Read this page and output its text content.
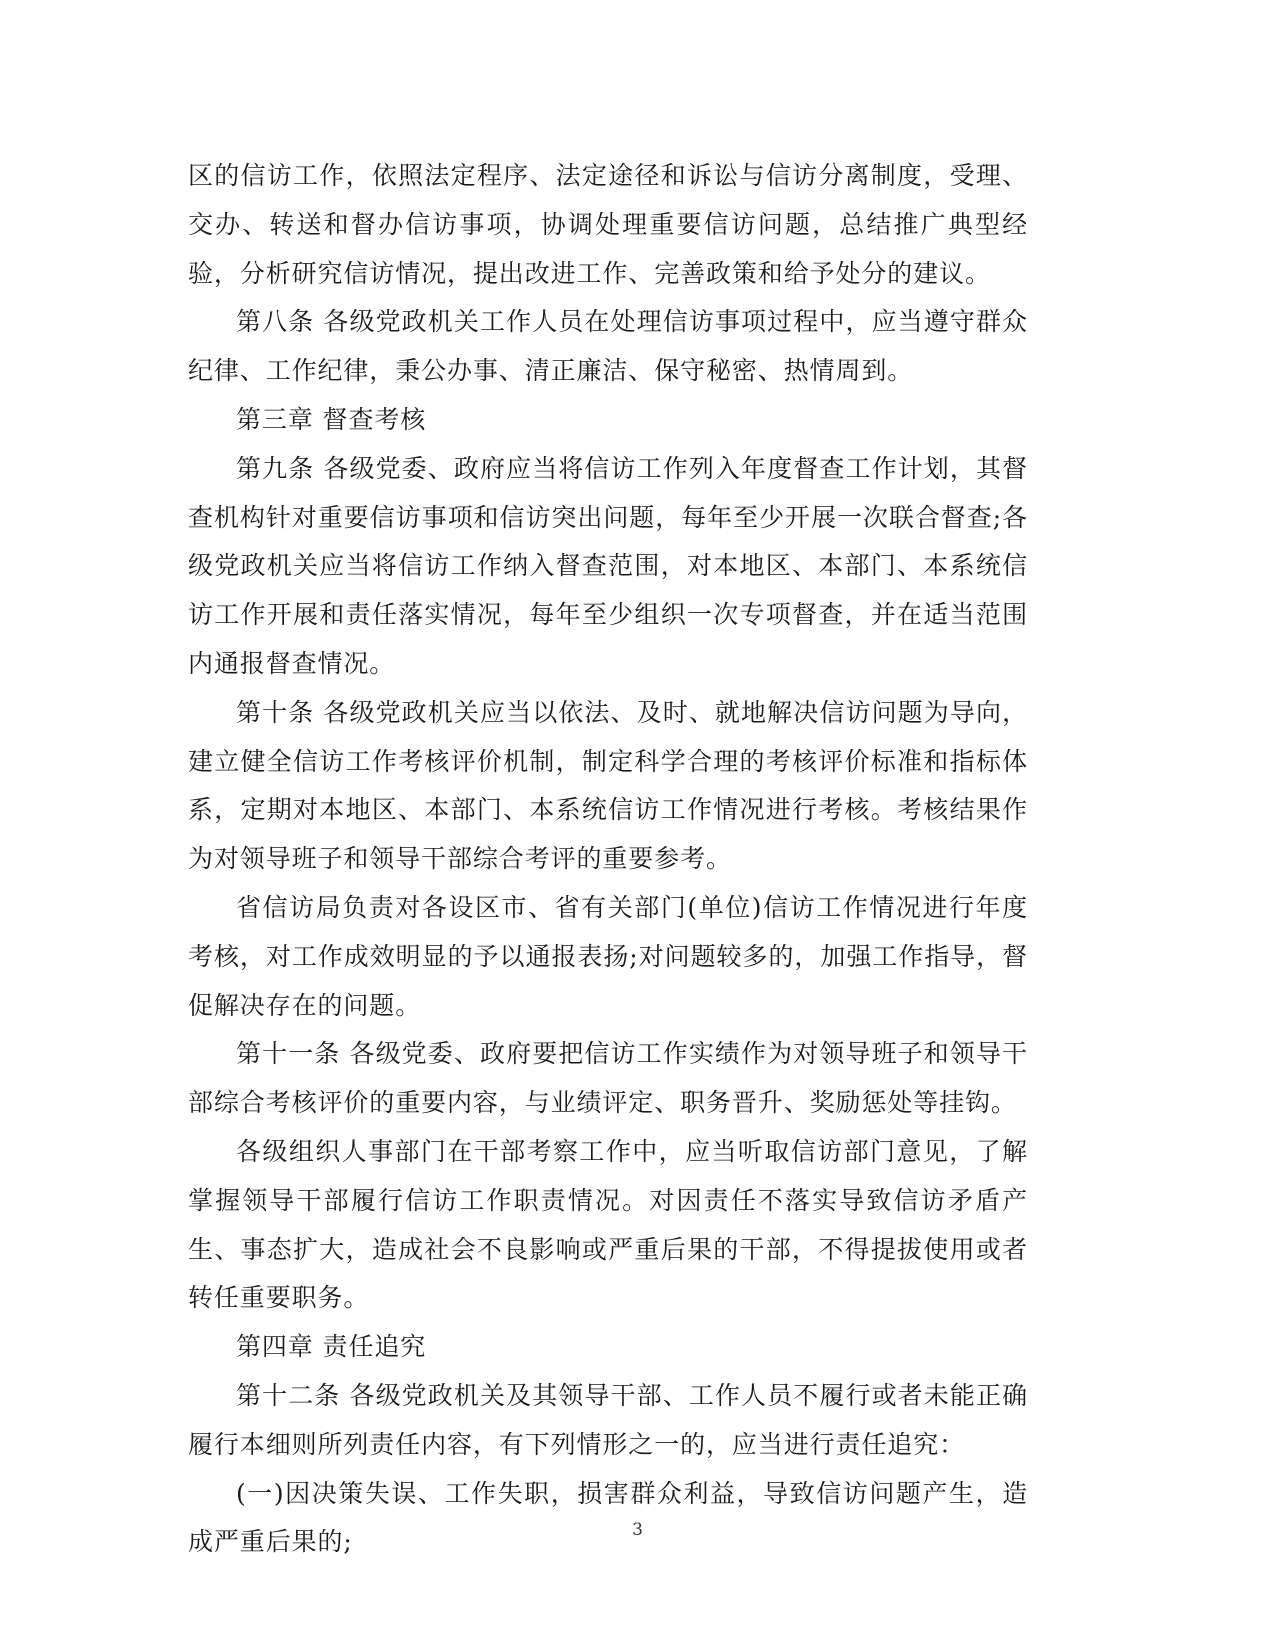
区的信访工作，依照法定程序、法定途径和诉讼与信访分离制度，受理、交办、转送和督办信访事项，协调处理重要信访问题，总结推广典型经验，分析研究信访情况，提出改进工作、完善政策和给予处分的建议。

第八条 各级党政机关工作人员在处理信访事项过程中，应当遵守群众纪律、工作纪律，秉公办事、清正廉洁、保守秘密、热情周到。

第三章 督查考核

第九条 各级党委、政府应当将信访工作列入年度督查工作计划，其督查机构针对重要信访事项和信访突出问题，每年至少开展一次联合督查;各级党政机关应当将信访工作纳入督查范围，对本地区、本部门、本系统信访工作开展和责任落实情况，每年至少组织一次专项督查，并在适当范围内通报督查情况。

第十条 各级党政机关应当以依法、及时、就地解决信访问题为导向，建立健全信访工作考核评价机制，制定科学合理的考核评价标准和指标体系，定期对本地区、本部门、本系统信访工作情况进行考核。考核结果作为对领导班子和领导干部综合考评的重要参考。

省信访局负责对各设区市、省有关部门(单位)信访工作情况进行年度考核，对工作成效明显的予以通报表扬;对问题较多的，加强工作指导，督促解决存在的问题。

第十一条 各级党委、政府要把信访工作实绩作为对领导班子和领导干部综合考核评价的重要内容，与业绩评定、职务晋升、奖励惩处等挂钩。

各级组织人事部门在干部考察工作中，应当听取信访部门意见，了解掌握领导干部履行信访工作职责情况。对因责任不落实导致信访矛盾产生、事态扩大，造成社会不良影响或严重后果的干部，不得提拔使用或者转任重要职务。

第四章 责任追究

第十二条 各级党政机关及其领导干部、工作人员不履行或者未能正确履行本细则所列责任内容，有下列情形之一的，应当进行责任追究：

(一)因决策失误、工作失职，损害群众利益，导致信访问题产生，造成严重后果的;	3
